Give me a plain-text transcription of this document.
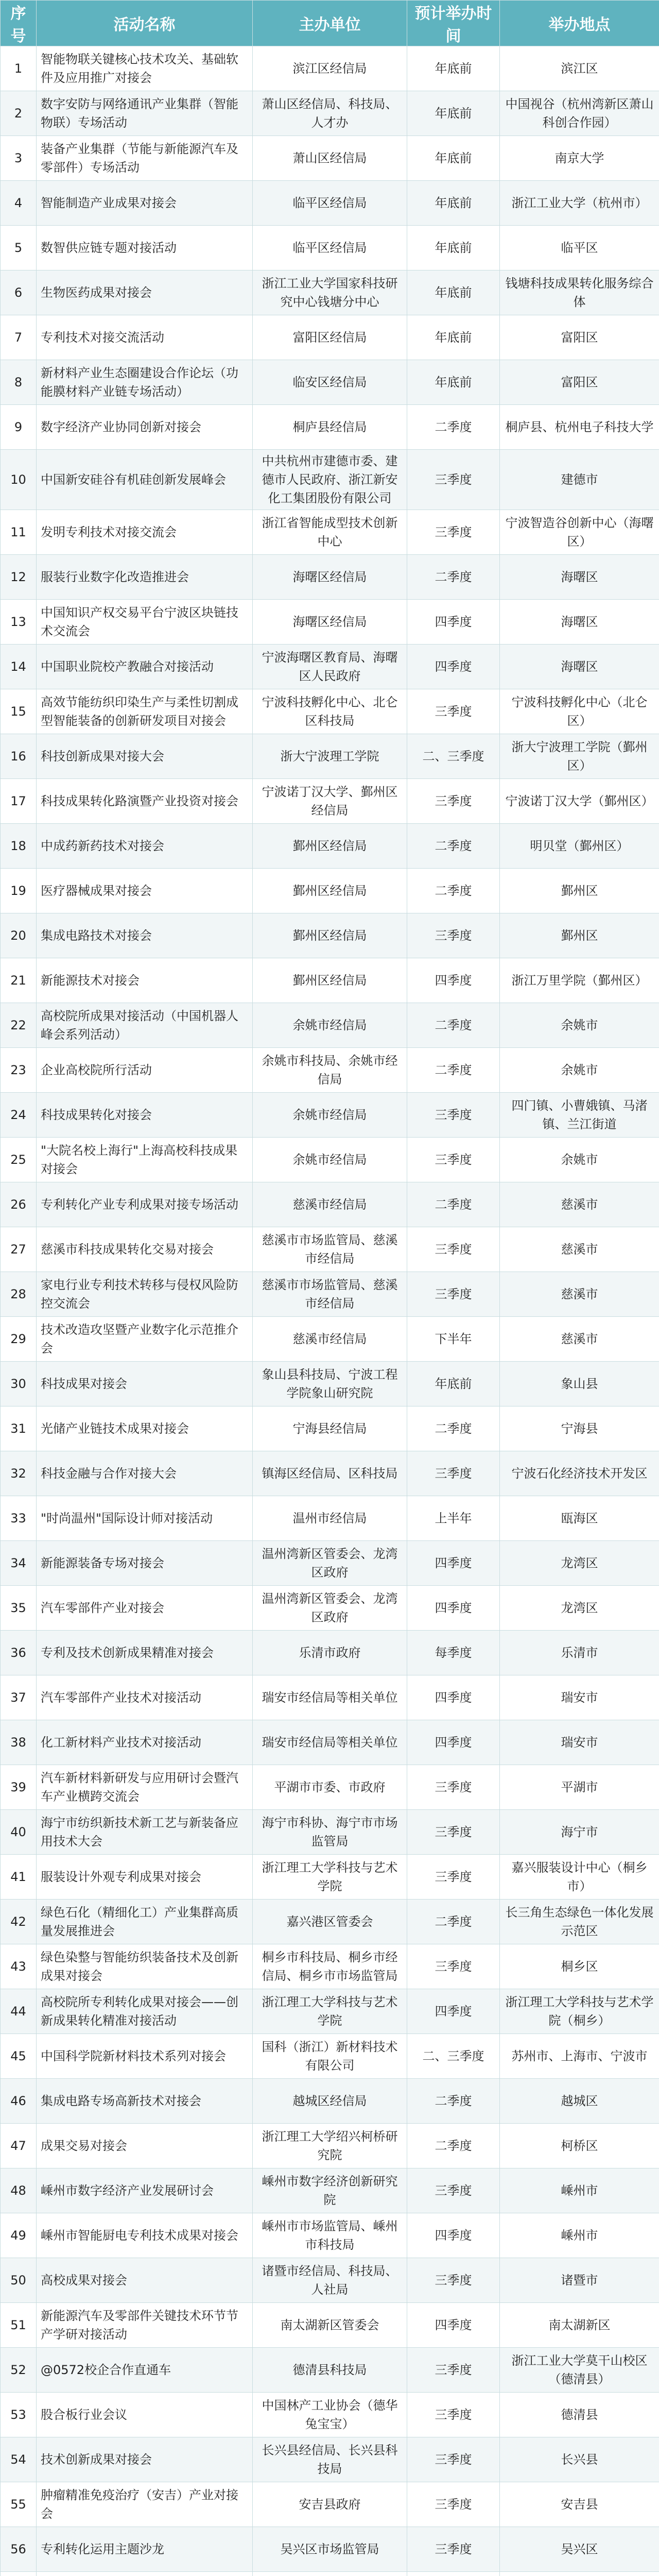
序号	活动名称	主办单位	预计举办时间	举办地点
1	智能物联关键核心技术攻关、基础软件及应用推广对接会	滨江区经信局	年底前	滨江区
2	数字安防与网络通讯产业集群（智能物联）专场活动	萧山区经信局、科技局、人才办	年底前	中国视谷（杭州湾新区萧山科创合作园）
3	装备产业集群（节能与新能源汽车及零部件）专场活动	萧山区经信局	年底前	南京大学
4	智能制造产业成果对接会	临平区经信局	年底前	浙江工业大学（杭州市）
5	数智供应链专题对接活动	临平区经信局	年底前	临平区
6	生物医药成果对接会	浙江工业大学国家科技研究中心钱塘分中心	年底前	钱塘科技成果转化服务综合体
7	专利技术对接交流活动	富阳区经信局	年底前	富阳区
8	新材料产业生态圈建设合作论坛（功能膜材料产业链专场活动）	临安区经信局	年底前	富阳区
9	数字经济产业协同创新对接会	桐庐县经信局	二季度	桐庐县、杭州电子科技大学
10	中国新安硅谷有机硅创新发展峰会	中共杭州市建德市委、建德市人民政府、浙江新安化工集团股份有限公司	三季度	建德市
11	发明专利技术对接交流会	浙江省智能成型技术创新中心	三季度	宁波智造谷创新中心（海曙区）
12	服装行业数字化改造推进会	海曙区经信局	二季度	海曙区
13	中国知识产权交易平台宁波区块链技术交流会	海曙区经信局	四季度	海曙区
14	中国职业院校产教融合对接活动	宁波海曙区教育局、海曙区人民政府	四季度	海曙区
15	高效节能纺织印染生产与柔性切割成型智能装备的创新研发项目对接会	宁波科技孵化中心、北仑区科技局	三季度	宁波科技孵化中心（北仑区）
16	科技创新成果对接大会	浙大宁波理工学院	二、三季度	浙大宁波理工学院（鄞州区）
17	科技成果转化路演暨产业投资对接会	宁波诺丁汉大学、鄞州区经信局	三季度	宁波诺丁汉大学（鄞州区）
18	中成药新药技术对接会	鄞州区经信局	二季度	明贝堂（鄞州区）
19	医疗器械成果对接会	鄞州区经信局	二季度	鄞州区
20	集成电路技术对接会	鄞州区经信局	三季度	鄞州区
21	新能源技术对接会	鄞州区经信局	四季度	浙江万里学院（鄞州区）
22	高校院所成果对接活动（中国机器人峰会系列活动）	余姚市经信局	二季度	余姚市
23	企业高校院所行活动	余姚市科技局、余姚市经信局	二季度	余姚市
24	科技成果转化对接会	余姚市经信局	三季度	四门镇、小曹娥镇、马渚镇、兰江街道
25	"大院名校上海行"上海高校科技成果对接会	余姚市经信局	三季度	余姚市
26	专利转化产业专利成果对接专场活动	慈溪市经信局	二季度	慈溪市
27	慈溪市科技成果转化交易对接会	慈溪市市场监管局、慈溪市经信局	三季度	慈溪市
28	家电行业专利技术转移与侵权风险防控交流会	慈溪市市场监管局、慈溪市经信局	三季度	慈溪市
29	技术改造攻坚暨产业数字化示范推介会	慈溪市经信局	下半年	慈溪市
30	科技成果对接会	象山县科技局、宁波工程学院象山研究院	年底前	象山县
31	光储产业链技术成果对接会	宁海县经信局	二季度	宁海县
32	科技金融与合作对接大会	镇海区经信局、区科技局	三季度	宁波石化经济技术开发区
33	"时尚温州"国际设计师对接活动	温州市经信局	上半年	瓯海区
34	新能源装备专场对接会	温州湾新区管委会、龙湾区政府	四季度	龙湾区
35	汽车零部件产业对接会	温州湾新区管委会、龙湾区政府	四季度	龙湾区
36	专利及技术创新成果精准对接会	乐清市政府	每季度	乐清市
37	汽车零部件产业技术对接活动	瑞安市经信局等相关单位	四季度	瑞安市
38	化工新材料产业技术对接活动	瑞安市经信局等相关单位	四季度	瑞安市
39	汽车新材料新研发与应用研讨会暨汽车产业横跨交流会	平湖市市委、市政府	三季度	平湖市
40	海宁市纺织新技术新工艺与新装备应用技术大会	海宁市科协、海宁市市场监管局	三季度	海宁市
41	服装设计外观专利成果对接会	浙江理工大学科技与艺术学院	三季度	嘉兴服装设计中心（桐乡市）
42	绿色石化（精细化工）产业集群高质量发展推进会	嘉兴港区管委会	二季度	长三角生态绿色一体化发展示范区
43	绿色染整与智能纺织装备技术及创新成果对接会	桐乡市科技局、桐乡市经信局、桐乡市市场监管局	三季度	桐乡区
44	高校院所专利转化成果对接会——创新成果转化精准对接活动	浙江理工大学科技与艺术学院	四季度	浙江理工大学科技与艺术学院（桐乡）
45	中国科学院新材料技术系列对接会	国科（浙江）新材料技术有限公司	二、三季度	苏州市、上海市、宁波市
46	集成电路专场高新技术对接会	越城区经信局	二季度	越城区
47	成果交易对接会	浙江理工大学绍兴柯桥研究院	二季度	柯桥区
48	嵊州市数字经济产业发展研讨会	嵊州市数字经济创新研究院	三季度	嵊州市
49	嵊州市智能厨电专利技术成果对接会	嵊州市市场监管局、嵊州市科技局	四季度	嵊州市
50	高校成果对接会	诸暨市经信局、科技局、人社局	三季度	诸暨市
51	新能源汽车及零部件关键技术环节节产学研对接活动	南太湖新区管委会	四季度	南太湖新区
52	@0572校企合作直通车	德清县科技局	三季度	浙江工业大学莫干山校区（德清县）
53	股合板行业会议	中国林产工业协会（德华兔宝宝）	三季度	德清县
54	技术创新成果对接会	长兴县经信局、长兴县科技局	三季度	长兴县
55	肿瘤精准免疫治疗（安吉）产业对接会	安吉县政府	三季度	安吉县
56	专利转化运用主题沙龙	吴兴区市场监管局	三季度	吴兴区
